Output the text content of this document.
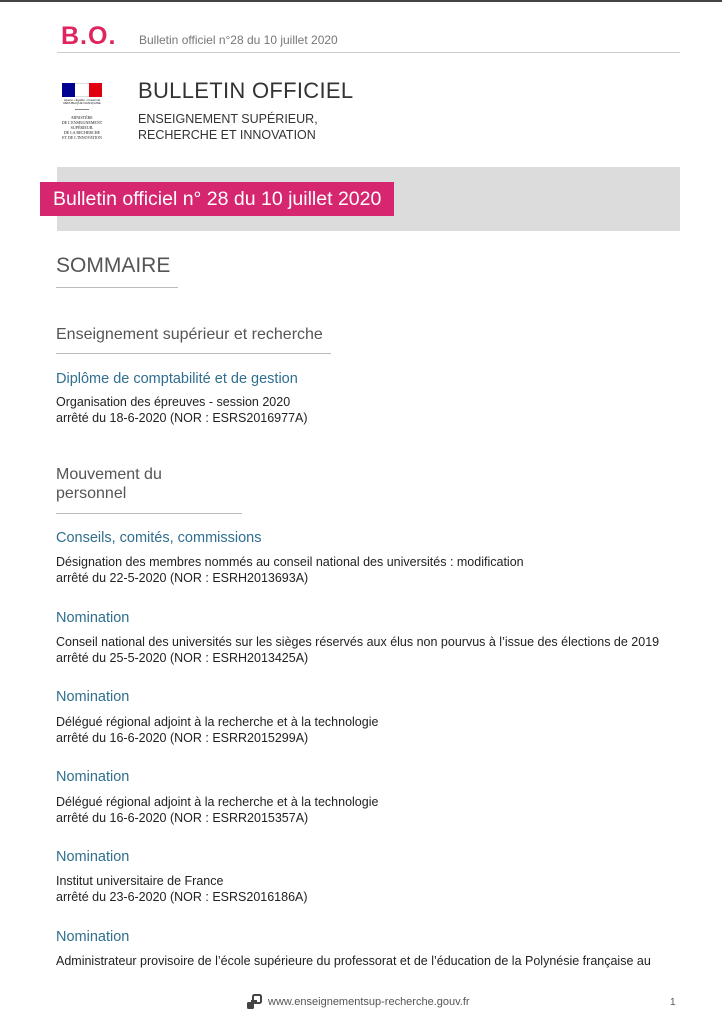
B.O. Bulletin officiel n°28 du 10 juillet 2020
Liberté • Égalité • Fraternité RÉPUBLIQUE FRANÇAISE
MINISTÈRE
DE L'ENSEIGNEMENT
SUPÉRIEUR,
DE LA RECHERCHE
ET DE L'INNOVATION
BULLETIN OFFICIEL
ENSEIGNEMENT SUPÉRIEUR,
RECHERCHE ET INNOVATION
Bulletin officiel n° 28 du 10 juillet 2020
SOMMAIRE
Enseignement supérieur et recherche
Diplôme de comptabilité et de gestion
Organisation des épreuves - session 2020
arrêté du 18-6-2020 (NOR : ESRS2016977A)
Mouvement du
personnel
Conseils, comités, commissions
Désignation des membres nommés au conseil national des universités : modification
arrêté du 22-5-2020 (NOR : ESRH2013693A)
Nomination
Conseil national des universités sur les sièges réservés aux élus non pourvus à l’issue des élections de 2019
arrêté du 25-5-2020 (NOR : ESRH2013425A)
Nomination
Délégué régional adjoint à la recherche et à la technologie
arrêté du 16-6-2020 (NOR : ESRR2015299A)
Nomination
Délégué régional adjoint à la recherche et à la technologie
arrêté du 16-6-2020 (NOR : ESRR2015357A)
Nomination
Institut universitaire de France
arrêté du 23-6-2020 (NOR : ESRS2016186A)
Nomination
Administrateur provisoire de l’école supérieure du professorat et de l’éducation de la Polynésie française au
www.enseignementsup-recherche.gouv.fr	1
